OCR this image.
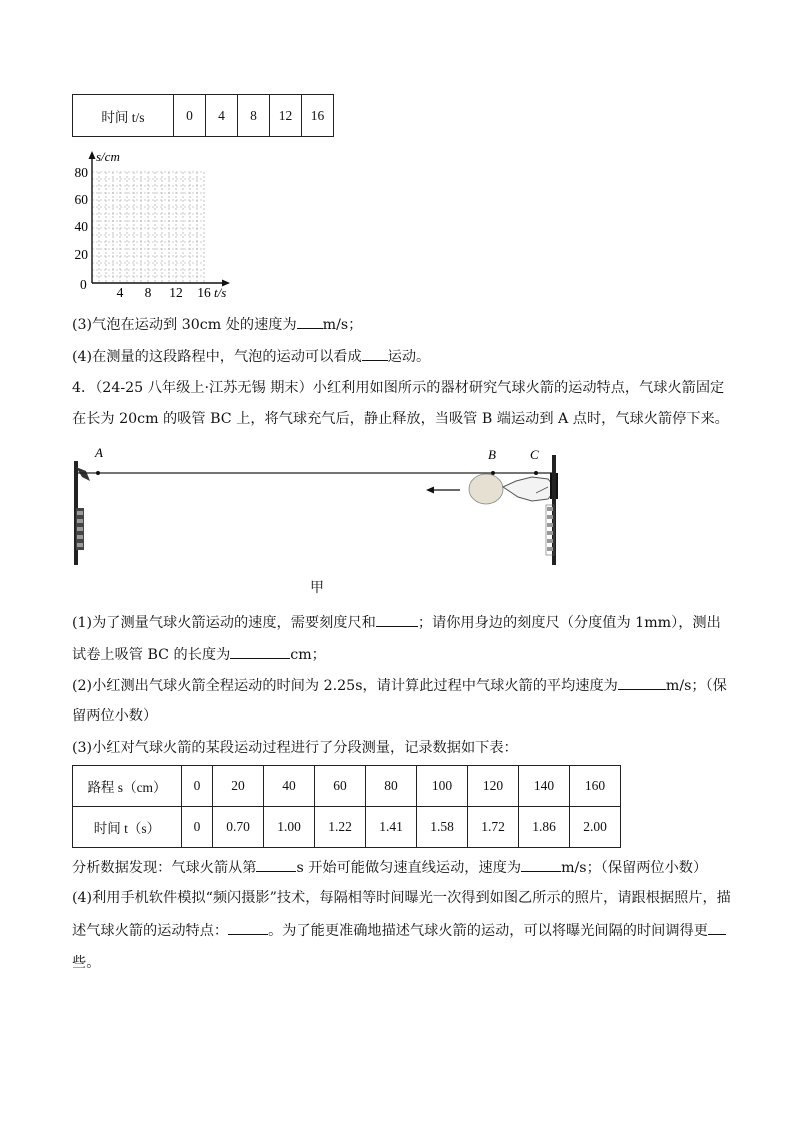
时间 t/s	0	4	8	12	16
s/cm
80
60
40
20
0
4 8 12 16 t/s
(3)气泡在运动到 30cm 处的速度为 m/s；
(4)在测量的这段路程中，气泡的运动可以看成 运动。
4．（24-25 八年级上·江苏无锡 期末）小红利用如图所示的器材研究气球火箭的运动特点，气球火箭固定
在长为 20cm 的吸管 BC 上，将气球充气后，静止释放，当吸管 B 端运动到 A 点时，气球火箭停下来。
A	B	C
甲
(1)为了测量气球火箭运动的速度，需要刻度尺和	；请你用身边的刻度尺（分度值为 1mm），测出
试卷上吸管 BC 的长度为	cm；
(2)小红测出气球火箭全程运动的时间为 2.25s，请计算此过程中气球火箭的平均速度为	m/s；（保
留两位小数）
(3)小红对气球火箭的某段运动过程进行了分段测量，记录数据如下表：
路程 s（cm）	0	20	40	60	80	100	120	140	160
时间 t（s）	0	0.70	1.00	1.22	1.41	1.58	1.72	1.86	2.00
分析数据发现：气球火箭从第	s 开始可能做匀速直线运动，速度为	m/s；（保留两位小数）
(4)利用手机软件模拟“频闪摄影”技术，每隔相等时间曝光一次得到如图乙所示的照片，请跟根据照片，描
述气球火箭的运动特点：	。为了能更准确地描述气球火箭的运动，可以将曝光间隔的时间调得更
些。
